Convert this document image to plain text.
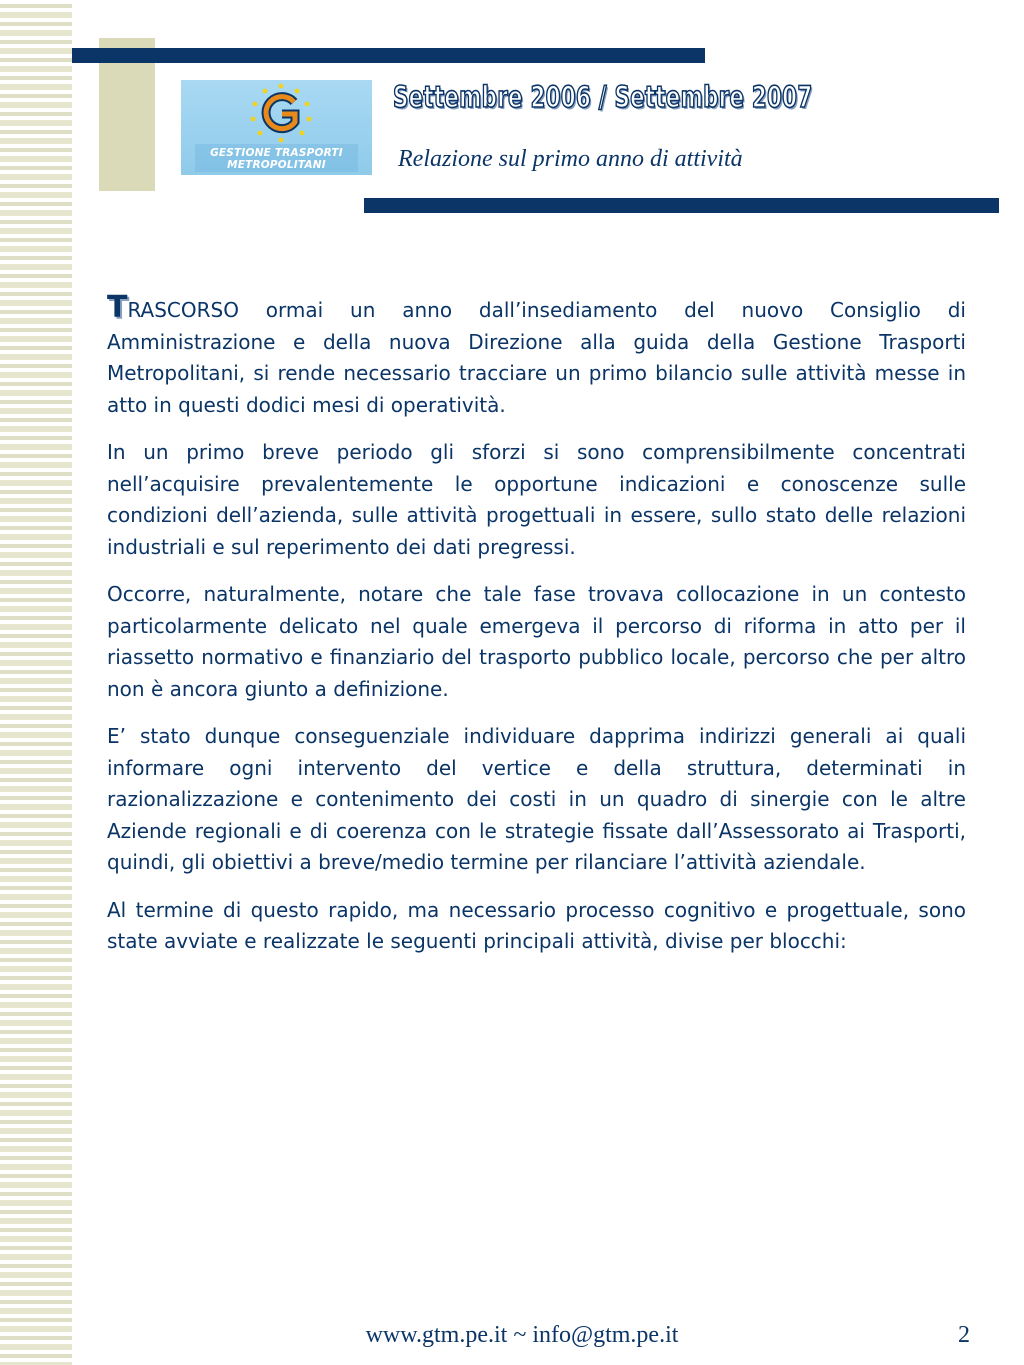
GESTIONE TRASPORTI
METROPOLITANI
Settembre 2006 / Settembre 2007
Relazione sul primo anno di attività

TRASCORSO ormai un anno dall’insediamento del nuovo Consiglio di Amministrazione e della nuova Direzione alla guida della Gestione Trasporti Metropolitani, si rende necessario tracciare un primo bilancio sulle attività messe in atto in questi dodici mesi di operatività.

In un primo breve periodo gli sforzi si sono comprensibilmente concentrati nell’acquisire prevalentemente le opportune indicazioni e conoscenze sulle condizioni dell’azienda, sulle attività progettuali in essere, sullo stato delle relazioni industriali e sul reperimento dei dati pregressi.

Occorre, naturalmente, notare che tale fase trovava collocazione in un contesto particolarmente delicato nel quale emergeva il percorso di riforma in atto per il riassetto normativo e finanziario del trasporto pubblico locale, percorso che per altro non è ancora giunto a definizione.

E’ stato dunque conseguenziale individuare dapprima indirizzi generali ai quali informare ogni intervento del vertice e della struttura, determinati in razionalizzazione e contenimento dei costi in un quadro di sinergie con le altre Aziende regionali e di coerenza con le strategie fissate dall’Assessorato ai Trasporti, quindi, gli obiettivi a breve/medio termine per rilanciare l’attività aziendale.

Al termine di questo rapido, ma necessario processo cognitivo e progettuale, sono state avviate e realizzate le seguenti principali attività, divise per blocchi:

www.gtm.pe.it ~ info@gtm.pe.it	2
